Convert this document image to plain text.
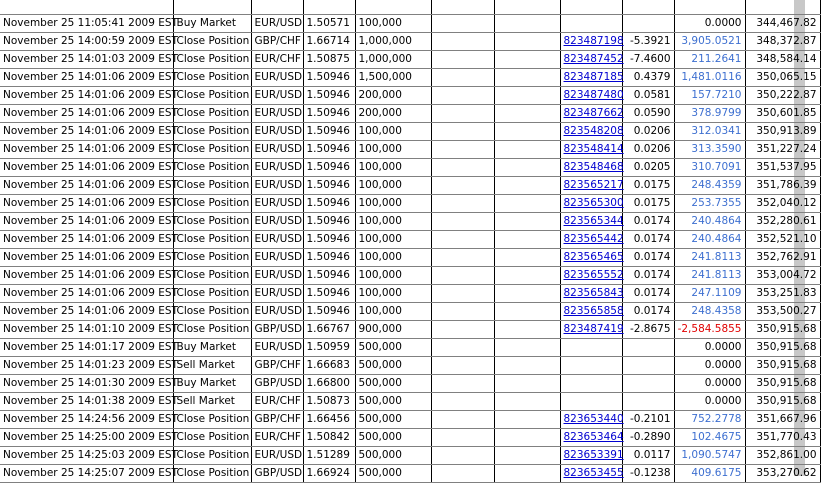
November 25 11:05:41 2009 EST	Buy Market	EUR/USD	1.50571	100,000					0.0000	344,467.82
November 25 14:00:59 2009 EST	Close Position	GBP/CHF	1.66714	1,000,000			823487198	-5.3921	3,905.0521	348,372.87
November 25 14:01:03 2009 EST	Close Position	EUR/CHF	1.50875	1,000,000			823487452	-7.4600	211.2641	348,584.14
November 25 14:01:06 2009 EST	Close Position	EUR/USD	1.50946	1,500,000			823487185	0.4379	1,481.0116	350,065.15
November 25 14:01:06 2009 EST	Close Position	EUR/USD	1.50946	200,000			823487480	0.0581	157.7210	350,222.87
November 25 14:01:06 2009 EST	Close Position	EUR/USD	1.50946	200,000			823487662	0.0590	378.9799	350,601.85
November 25 14:01:06 2009 EST	Close Position	EUR/USD	1.50946	100,000			823548208	0.0206	312.0341	350,913.89
November 25 14:01:06 2009 EST	Close Position	EUR/USD	1.50946	100,000			823548414	0.0206	313.3590	351,227.24
November 25 14:01:06 2009 EST	Close Position	EUR/USD	1.50946	100,000			823548468	0.0205	310.7091	351,537.95
November 25 14:01:06 2009 EST	Close Position	EUR/USD	1.50946	100,000			823565217	0.0175	248.4359	351,786.39
November 25 14:01:06 2009 EST	Close Position	EUR/USD	1.50946	100,000			823565300	0.0175	253.7355	352,040.12
November 25 14:01:06 2009 EST	Close Position	EUR/USD	1.50946	100,000			823565344	0.0174	240.4864	352,280.61
November 25 14:01:06 2009 EST	Close Position	EUR/USD	1.50946	100,000			823565442	0.0174	240.4864	352,521.10
November 25 14:01:06 2009 EST	Close Position	EUR/USD	1.50946	100,000			823565465	0.0174	241.8113	352,762.91
November 25 14:01:06 2009 EST	Close Position	EUR/USD	1.50946	100,000			823565552	0.0174	241.8113	353,004.72
November 25 14:01:06 2009 EST	Close Position	EUR/USD	1.50946	100,000			823565843	0.0174	247.1109	353,251.83
November 25 14:01:06 2009 EST	Close Position	EUR/USD	1.50946	100,000			823565858	0.0174	248.4358	353,500.27
November 25 14:01:10 2009 EST	Close Position	GBP/USD	1.66767	900,000			823487419	-2.8675	-2,584.5855	350,915.68
November 25 14:01:17 2009 EST	Buy Market	EUR/USD	1.50959	500,000					0.0000	350,915.68
November 25 14:01:23 2009 EST	Sell Market	GBP/CHF	1.66683	500,000					0.0000	350,915.68
November 25 14:01:30 2009 EST	Buy Market	GBP/USD	1.66800	500,000					0.0000	350,915.68
November 25 14:01:38 2009 EST	Sell Market	EUR/CHF	1.50873	500,000					0.0000	350,915.68
November 25 14:24:56 2009 EST	Close Position	GBP/CHF	1.66456	500,000			823653440	-0.2101	752.2778	351,667.96
November 25 14:25:00 2009 EST	Close Position	EUR/CHF	1.50842	500,000			823653464	-0.2890	102.4675	351,770.43
November 25 14:25:03 2009 EST	Close Position	EUR/USD	1.51289	500,000			823653391	0.0117	1,090.5747	352,861.00
November 25 14:25:07 2009 EST	Close Position	GBP/USD	1.66924	500,000			823653455	-0.1238	409.6175	353,270.62
